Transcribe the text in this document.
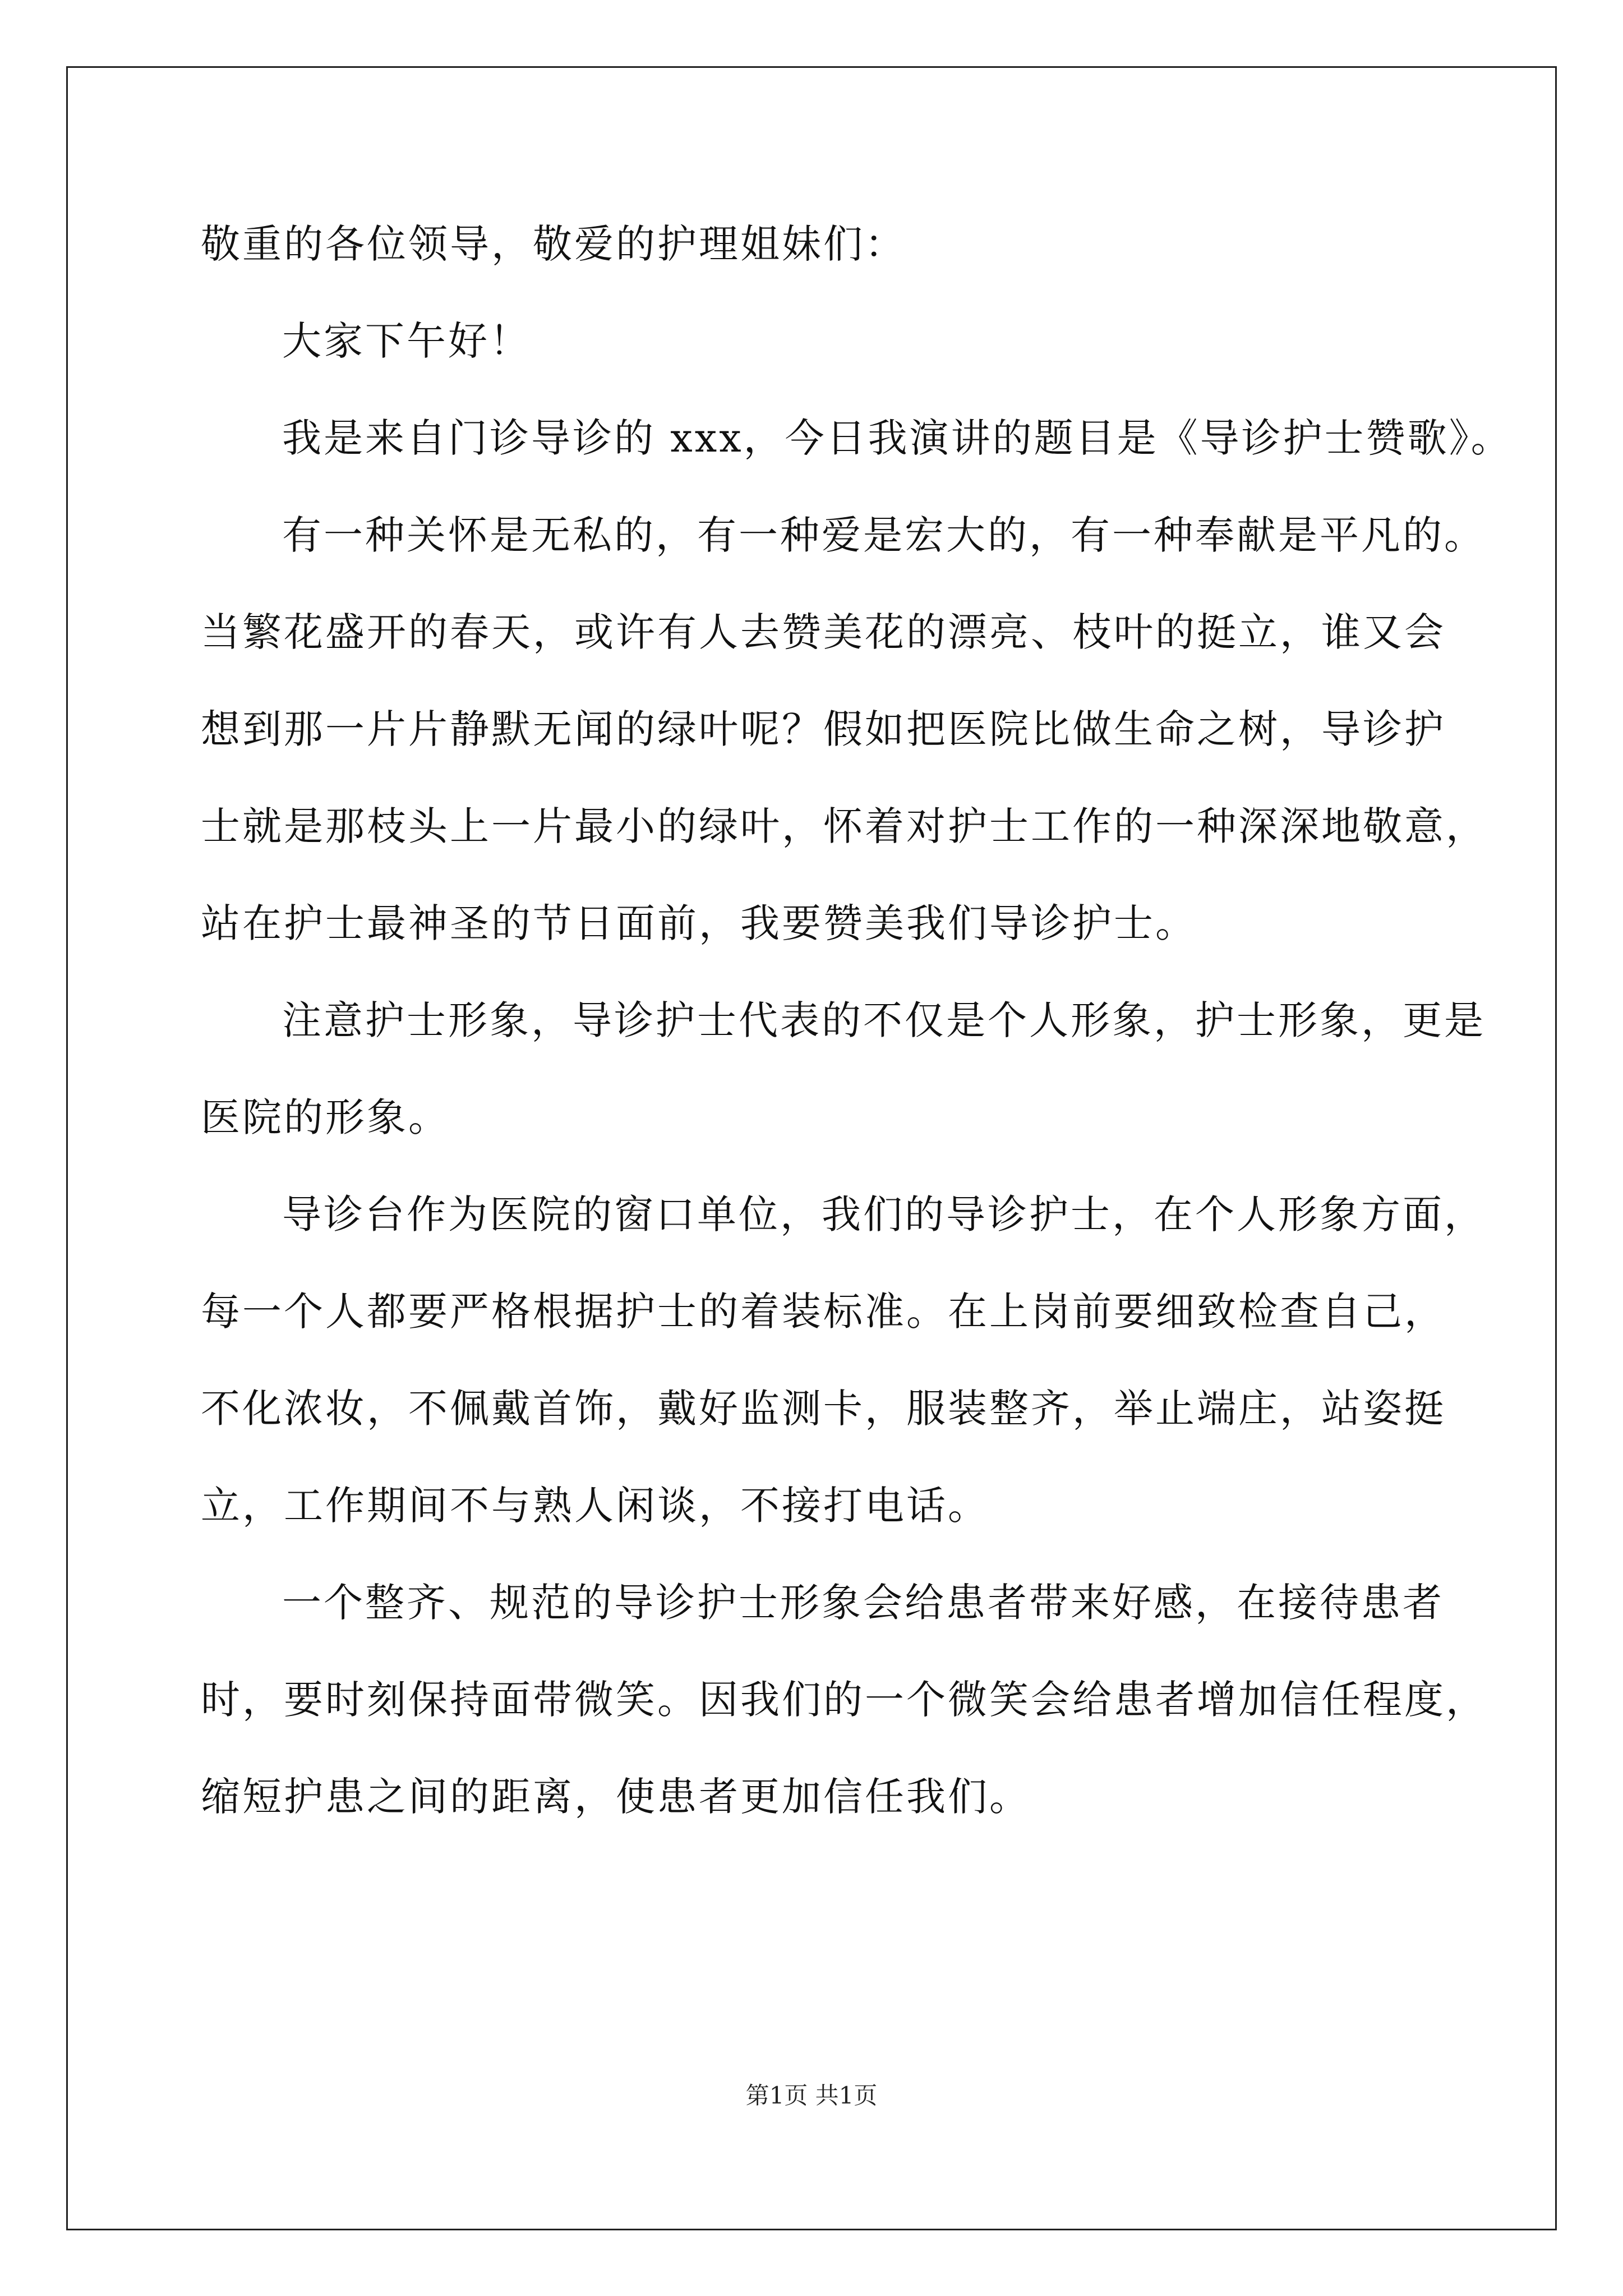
敬重的各位领导，敬爱的护理姐妹们：
大家下午好！
我是来自门诊导诊的 xxx，今日我演讲的题目是《导诊护士赞歌》。
有一种关怀是无私的，有一种爱是宏大的，有一种奉献是平凡的。
当繁花盛开的春天，或许有人去赞美花的漂亮、枝叶的挺立，谁又会
想到那一片片静默无闻的绿叶呢？假如把医院比做生命之树，导诊护
士就是那枝头上一片最小的绿叶，怀着对护士工作的一种深深地敬意，
站在护士最神圣的节日面前，我要赞美我们导诊护士。
注意护士形象，导诊护士代表的不仅是个人形象，护士形象，更是
医院的形象。
导诊台作为医院的窗口单位，我们的导诊护士，在个人形象方面，
每一个人都要严格根据护士的着装标准。在上岗前要细致检查自己，
不化浓妆，不佩戴首饰，戴好监测卡，服装整齐，举止端庄，站姿挺
立，工作期间不与熟人闲谈，不接打电话。
一个整齐、规范的导诊护士形象会给患者带来好感，在接待患者
时，要时刻保持面带微笑。因我们的一个微笑会给患者增加信任程度，
缩短护患之间的距离，使患者更加信任我们。
第1页 共1页
